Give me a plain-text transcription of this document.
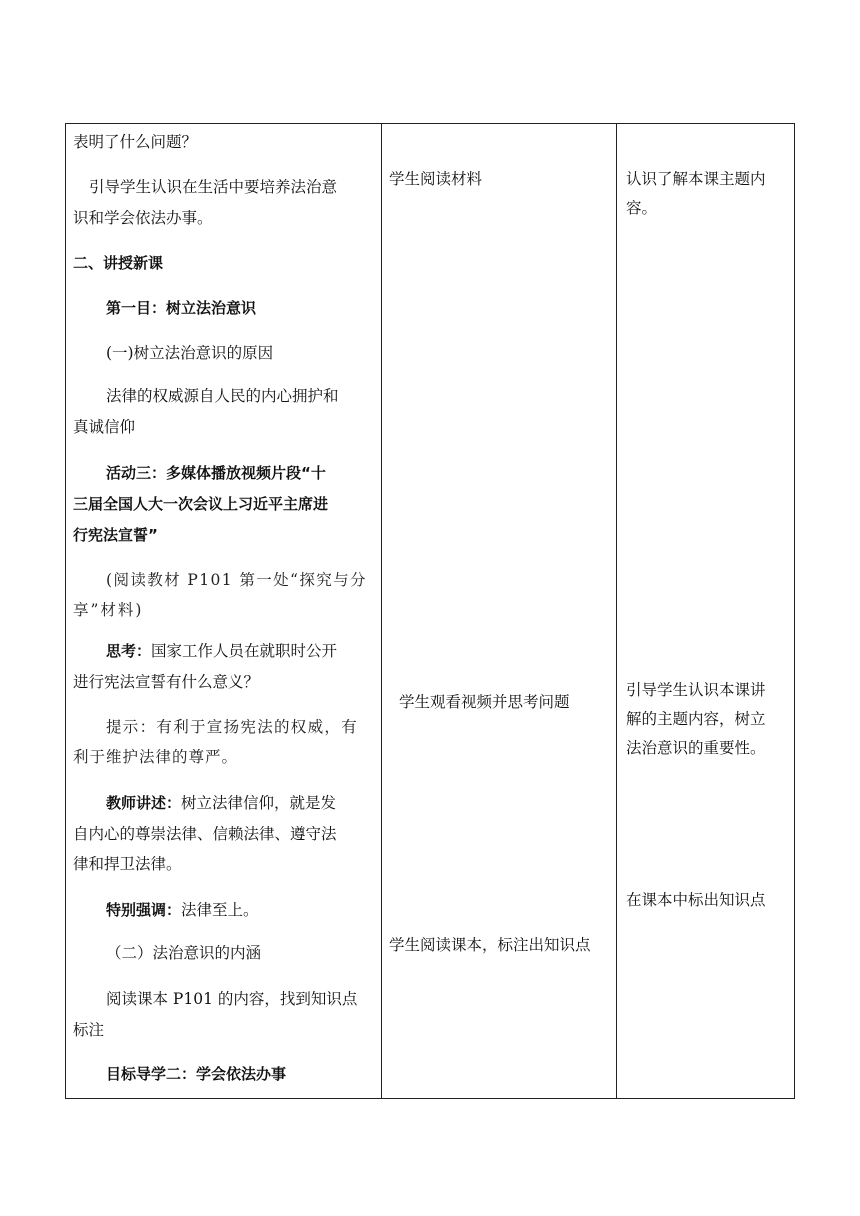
表明了什么问题？
引导学生认识在生活中要培养法治意
识和学会依法办事。
二、讲授新课
第一目：树立法治意识
(一)树立法治意识的原因
法律的权威源自人民的内心拥护和
真诚信仰
活动三：多媒体播放视频片段“十
三届全国人大一次会议上习近平主席进
行宪法宣誓”
(阅读教材 P101 第一处“探究与分
享”材料)
思考：国家工作人员在就职时公开
进行宪法宣誓有什么意义？
提示：有利于宣扬宪法的权威，有
利于维护法律的尊严。
教师讲述：树立法律信仰，就是发
自内心的尊崇法律、信赖法律、遵守法
律和捍卫法律。
特别强调：法律至上。
（二）法治意识的内涵
阅读课本 P101 的内容，找到知识点
标注
目标导学二：学会依法办事
学生阅读材料
学生观看视频并思考问题
学生阅读课本，标注出知识点
认识了解本课主题内
容。
引导学生认识本课讲
解的主题内容，树立
法治意识的重要性。
在课本中标出知识点
